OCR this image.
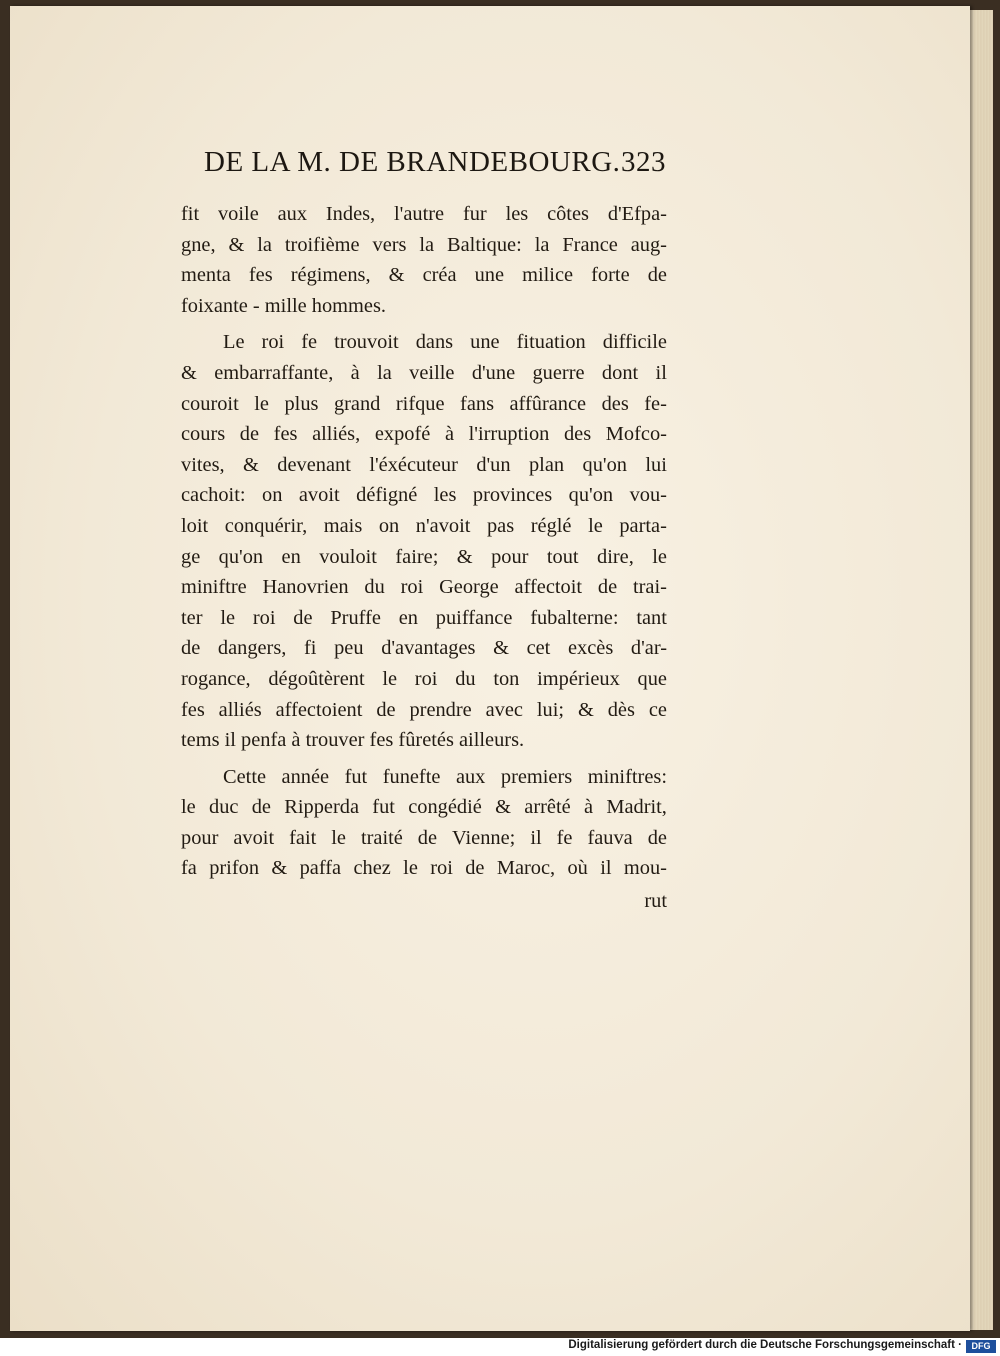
DE LA M. DE BRANDEBOURG. 323
fit voile aux Indes, l'autre fur les côtes d'Efpa-
gne, & la troifième vers la Baltique: la France aug-
menta fes régimens, & créa une milice forte de
foixante - mille hommes.
Le roi fe trouvoit dans une fituation difficile
& embarraffante, à la veille d'une guerre dont il
couroit le plus grand rifque fans affûrance des fe-
cours de fes alliés, expofé à l'irruption des Mofco-
vites, & devenant l'éxécuteur d'un plan qu'on lui
cachoit: on avoit défigné les provinces qu'on vou-
loit conquérir, mais on n'avoit pas réglé le parta-
ge qu'on en vouloit faire; & pour tout dire, le
miniftre Hanovrien du roi George affectoit de trai-
ter le roi de Pruffe en puiffance fubalterne: tant
de dangers, fi peu d'avantages & cet excès d'ar-
rogance, dégoûtèrent le roi du ton impérieux que
fes alliés affectoient de prendre avec lui; & dès ce
tems il penfa à trouver fes fûretés ailleurs.
Cette année fut funefte aux premiers miniftres:
le duc de Ripperda fut congédié & arrêté à Madrit,
pour avoit fait le traité de Vienne; il fe fauva de
fa prifon & paffa chez le roi de Maroc, où il mou-
rut
Digitalisierung gefördert durch die Deutsche Forschungsgemeinschaft ·	DFG
